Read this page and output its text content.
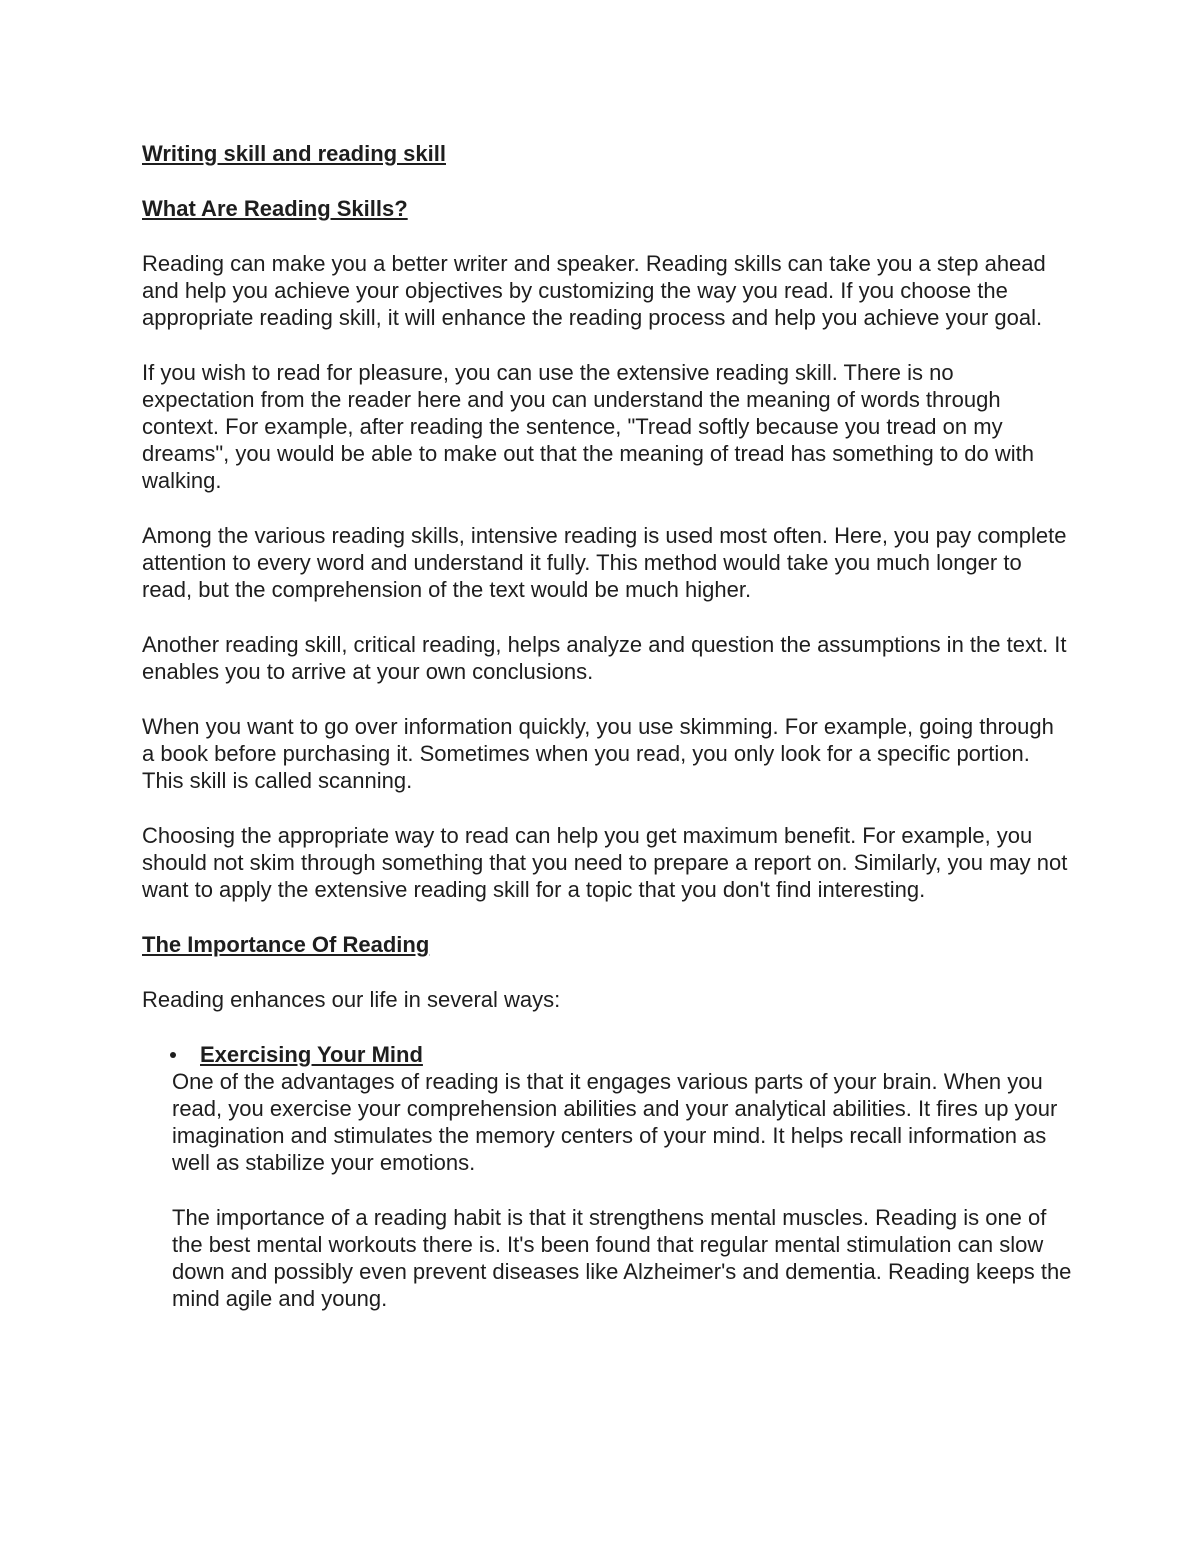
Writing skill and reading skill
What Are Reading Skills?

Reading can make you a better writer and speaker. Reading skills can take you a step ahead and help you achieve your objectives by customizing the way you read. If you choose the appropriate reading skill, it will enhance the reading process and help you achieve your goal.

If you wish to read for pleasure, you can use the extensive reading skill. There is no expectation from the reader here and you can understand the meaning of words through context. For example, after reading the sentence, "Tread softly because you tread on my dreams", you would be able to make out that the meaning of tread has something to do with walking.

Among the various reading skills, intensive reading is used most often. Here, you pay complete attention to every word and understand it fully. This method would take you much longer to read, but the comprehension of the text would be much higher.

Another reading skill, critical reading, helps analyze and question the assumptions in the text. It enables you to arrive at your own conclusions.

When you want to go over information quickly, you use skimming. For example, going through a book before purchasing it. Sometimes when you read, you only look for a specific portion. This skill is called scanning.

Choosing the appropriate way to read can help you get maximum benefit. For example, you should not skim through something that you need to prepare a report on. Similarly, you may not want to apply the extensive reading skill for a topic that you don't find interesting.

The Importance Of Reading

Reading enhances our life in several ways:

Exercising Your Mind

One of the advantages of reading is that it engages various parts of your brain. When you read, you exercise your comprehension abilities and your analytical abilities. It fires up your imagination and stimulates the memory centers of your mind. It helps recall information as well as stabilize your emotions.

The importance of a reading habit is that it strengthens mental muscles. Reading is one of the best mental workouts there is. It's been found that regular mental stimulation can slow down and possibly even prevent diseases like Alzheimer's and dementia. Reading keeps the mind agile and young.
